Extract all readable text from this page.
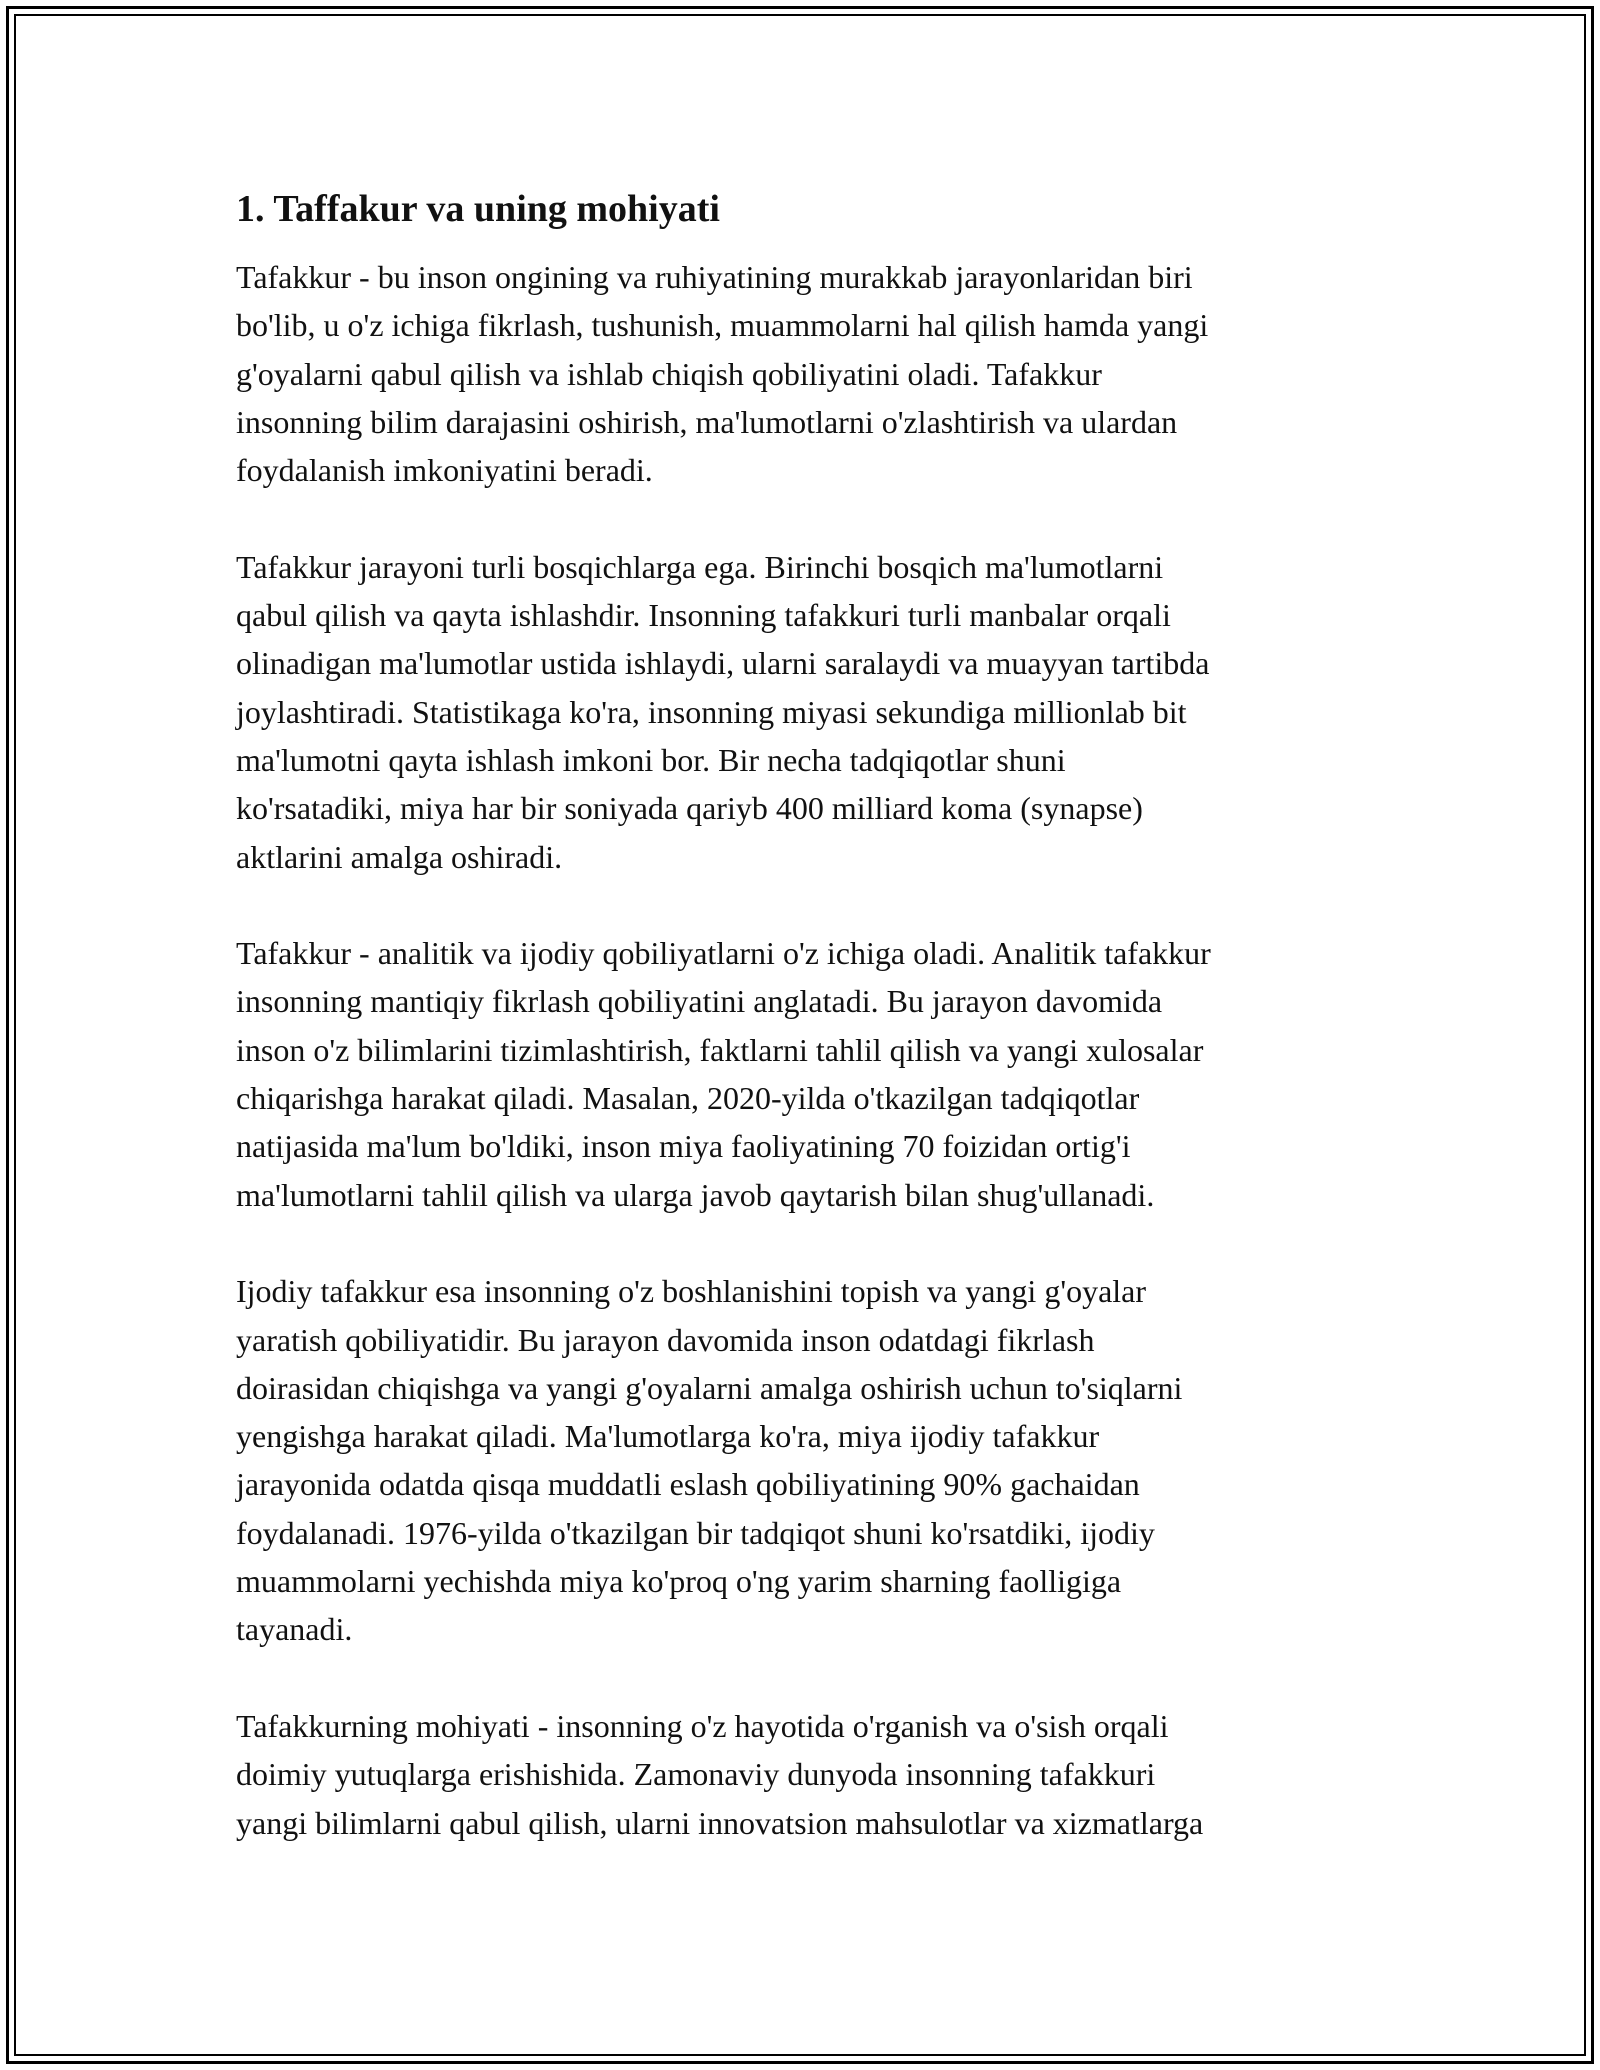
1. Taffakur va uning mohiyati

Tafakkur - bu inson ongining va ruhiyatining murakkab jarayonlaridan biri
bo'lib, u o'z ichiga fikrlash, tushunish, muammolarni hal qilish hamda yangi
g'oyalarni qabul qilish va ishlab chiqish qobiliyatini oladi. Tafakkur
insonning bilim darajasini oshirish, ma'lumotlarni o'zlashtirish va ulardan
foydalanish imkoniyatini beradi.

Tafakkur jarayoni turli bosqichlarga ega. Birinchi bosqich ma'lumotlarni
qabul qilish va qayta ishlashdir. Insonning tafakkuri turli manbalar orqali
olinadigan ma'lumotlar ustida ishlaydi, ularni saralaydi va muayyan tartibda
joylashtiradi. Statistikaga ko'ra, insonning miyasi sekundiga millionlab bit
ma'lumotni qayta ishlash imkoni bor. Bir necha tadqiqotlar shuni
ko'rsatadiki, miya har bir soniyada qariyb 400 milliard koma (synapse)
aktlarini amalga oshiradi.

Tafakkur - analitik va ijodiy qobiliyatlarni o'z ichiga oladi. Analitik tafakkur
insonning mantiqiy fikrlash qobiliyatini anglatadi. Bu jarayon davomida
inson o'z bilimlarini tizimlashtirish, faktlarni tahlil qilish va yangi xulosalar
chiqarishga harakat qiladi. Masalan, 2020-yilda o'tkazilgan tadqiqotlar
natijasida ma'lum bo'ldiki, inson miya faoliyatining 70 foizidan ortig'i
ma'lumotlarni tahlil qilish va ularga javob qaytarish bilan shug'ullanadi.

Ijodiy tafakkur esa insonning o'z boshlanishini topish va yangi g'oyalar
yaratish qobiliyatidir. Bu jarayon davomida inson odatdagi fikrlash
doirasidan chiqishga va yangi g'oyalarni amalga oshirish uchun to'siqlarni
yengishga harakat qiladi. Ma'lumotlarga ko'ra, miya ijodiy tafakkur
jarayonida odatda qisqa muddatli eslash qobiliyatining 90% gachaidan
foydalanadi. 1976-yilda o'tkazilgan bir tadqiqot shuni ko'rsatdiki, ijodiy
muammolarni yechishda miya ko'proq o'ng yarim sharning faolligiga
tayanadi.

Tafakkurning mohiyati - insonning o'z hayotida o'rganish va o'sish orqali
doimiy yutuqlarga erishishida. Zamonaviy dunyoda insonning tafakkuri
yangi bilimlarni qabul qilish, ularni innovatsion mahsulotlar va xizmatlarga
